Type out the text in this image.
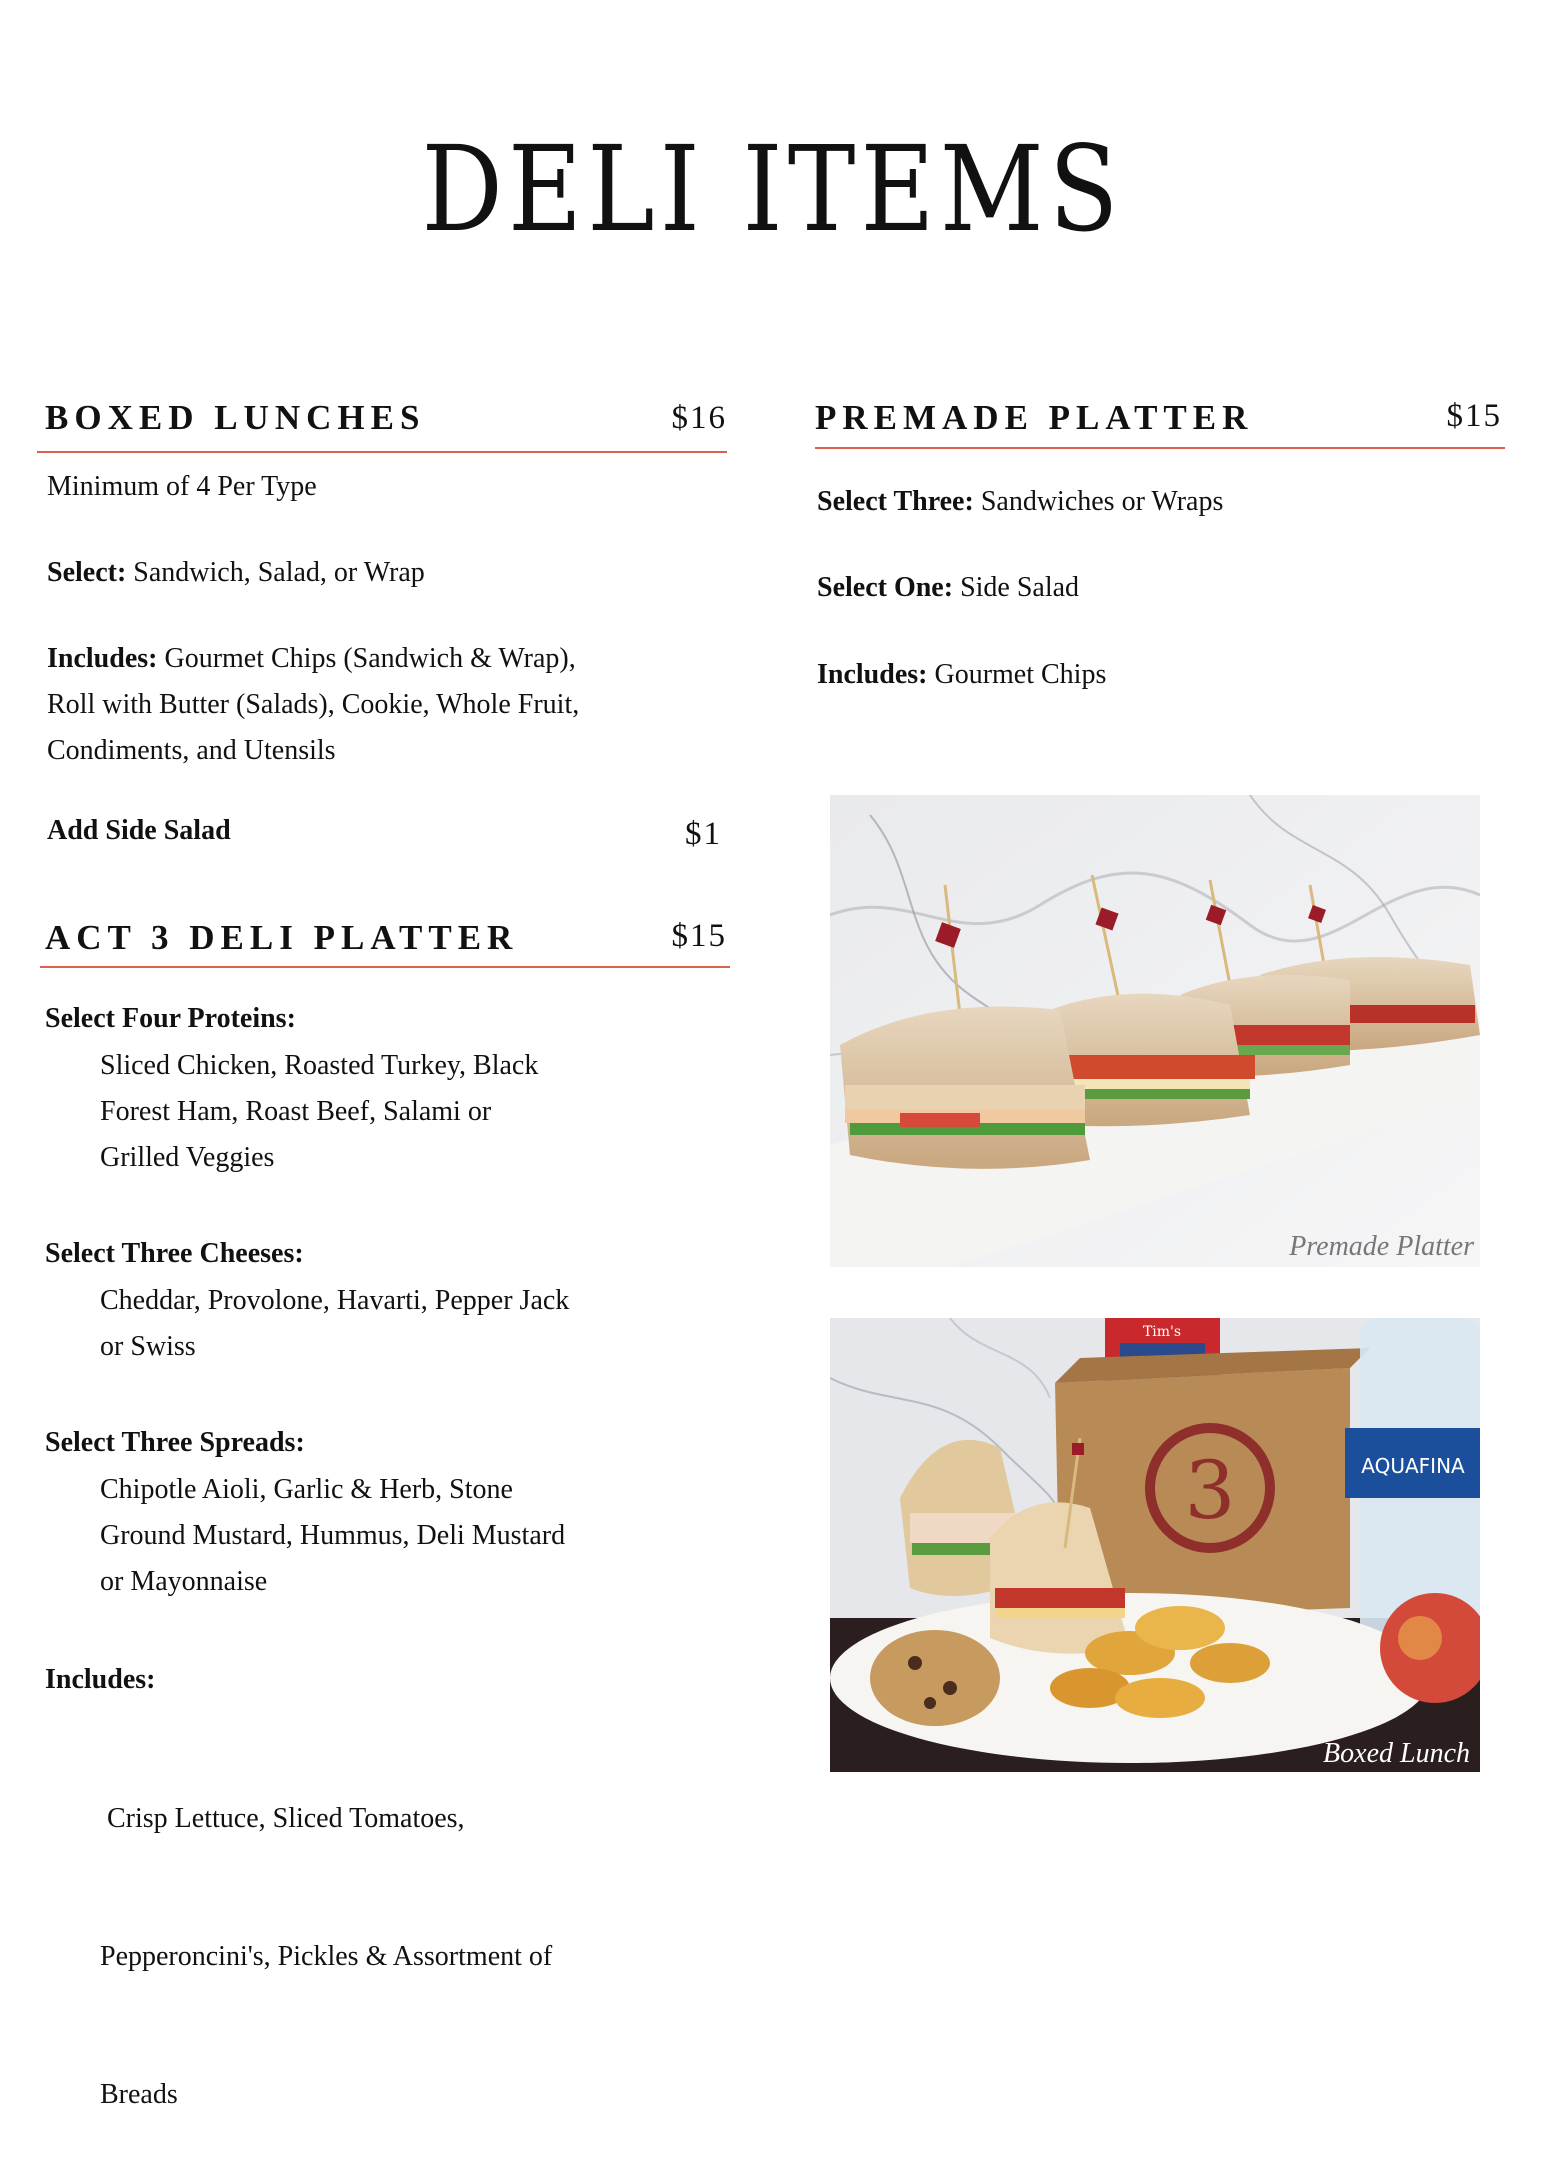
DELI ITEMS
BOXED LUNCHES	$16
Minimum of 4 Per Type
Select: Sandwich, Salad, or Wrap
Includes: Gourmet Chips (Sandwich & Wrap),
Roll with Butter (Salads), Cookie, Whole Fruit,
Condiments, and Utensils
Add Side Salad	$1
ACT 3 DELI PLATTER	$15
Select Four Proteins:
Sliced Chicken, Roasted Turkey, Black
Forest Ham, Roast Beef, Salami or
Grilled Veggies
Select Three Cheeses:
Cheddar, Provolone, Havarti, Pepper Jack
or Swiss
Select Three Spreads:
Chipotle Aioli, Garlic & Herb, Stone
Ground Mustard, Hummus, Deli Mustard
or Mayonnaise
Includes:

Crisp Lettuce, Sliced Tomatoes,

Pepperoncini's, Pickles & Assortment of

Breads

PREMADE PLATTER	$15
Select Three: Sandwiches or Wraps
Select One: Side Salad
Includes: Gourmet Chips
Premade Platter
Tim's
3	AQUAFINA
Boxed Lunch
